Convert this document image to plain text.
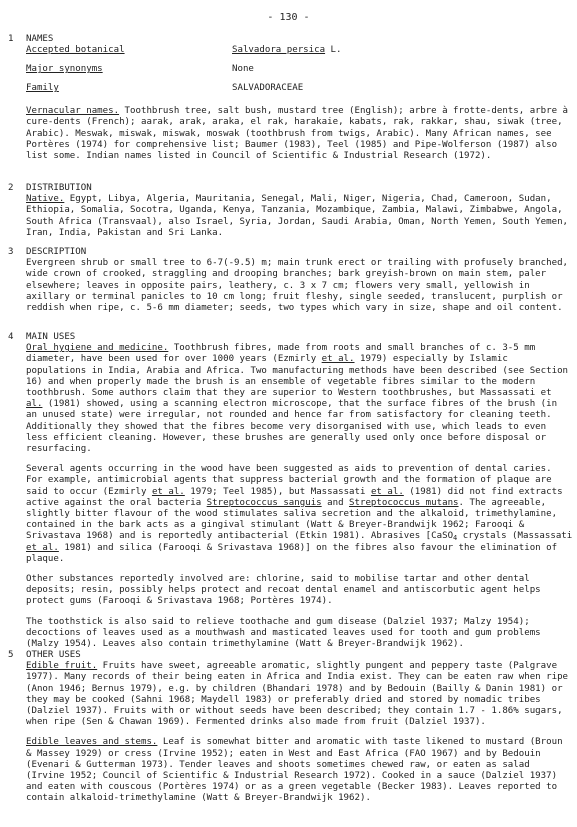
- 130 -
1	NAMES

Accepted botanical	Salvadora persica L.
Major synonyms	None
Family	SALVADORACEAE

Vernacular names. Toothbrush tree, salt bush, mustard tree (English); arbre à frotte-dents, arbre à cure-dents (French); aarak, arak, araka, el rak, harakaie, kabats, rak, rakkar, shau, siwak (tree, Arabic). Meswak, miswak, miswak, moswak (toothbrush from twigs, Arabic). Many African names, see Portères (1974) for comprehensive list; Baumer (1983), Teel (1985) and Pipe-Wolferson (1987) also list some. Indian names listed in Council of Scientific & Industrial Research (1972).

2	DISTRIBUTION

Native. Egypt, Libya, Algeria, Mauritania, Senegal, Mali, Niger, Nigeria, Chad, Cameroon, Sudan, Ethiopia, Somalia, Socotra, Uganda, Kenya, Tanzania, Mozambique, Zambia, Malawi, Zimbabwe, Angola, South Africa (Transvaal), also Israel, Syria, Jordan, Saudi Arabia, Oman, North Yemen, South Yemen, Iran, India, Pakistan and Sri Lanka.

3	DESCRIPTION

Evergreen shrub or small tree to 6-7(-9.5) m; main trunk erect or trailing with profusely branched, wide crown of crooked, straggling and drooping branches; bark greyish-brown on main stem, paler elsewhere; leaves in opposite pairs, leathery, c. 3 x 7 cm; flowers very small, yellowish in axillary or terminal panicles to 10 cm long; fruit fleshy, single seeded, translucent, purplish or reddish when ripe, c. 5-6 mm diameter; seeds, two types which vary in size, shape and oil content.

4	MAIN USES

Oral hygiene and medicine. Toothbrush fibres, made from roots and small branches of c. 3-5 mm diameter, have been used for over 1000 years (Ezmirly et al. 1979) especially by Islamic populations in India, Arabia and Africa. Two manufacturing methods have been described (see Section 16) and when properly made the brush is an ensemble of vegetable fibres similar to the modern toothbrush. Some authors claim that they are superior to Western toothbrushes, but Massassati et al. (1981) showed, using a scanning electron microscope, that the surface fibres of the brush (in an unused state) were irregular, not rounded and hence far from satisfactory for cleaning teeth. Additionally they showed that the fibres become very disorganised with use, which leads to even less efficient cleaning. However, these brushes are generally used only once before disposal or resurfacing.

Several agents occurring in the wood have been suggested as aids to prevention of dental caries. For example, antimicrobial agents that suppress bacterial growth and the formation of plaque are said to occur (Ezmirly et al. 1979; Teel 1985), but Massassati et al. (1981) did not find extracts active against the oral bacteria Streptococcus sanguis and Streptococcus mutans. The agreeable, slightly bitter flavour of the wood stimulates saliva secretion and the alkaloid, trimethylamine, contained in the bark acts as a gingival stimulant (Watt & Breyer-Brandwijk 1962; Farooqi & Srivastava 1968) and is reportedly antibacterial (Etkin 1981). Abrasives [CaSO$_4$ crystals (Massassati et al. 1981) and silica (Farooqi & Srivastava 1968)] on the fibres also favour the elimination of plaque.

Other substances reportedly involved are: chlorine, said to mobilise tartar and other dental deposits; resin, possibly helps protect and recoat dental enamel and antiscorbutic agent helps protect gums (Farooqi & Srivastava 1968; Portères 1974).

The toothstick is also said to relieve toothache and gum disease (Dalziel 1937; Malzy 1954); decoctions of leaves used as a mouthwash and masticated leaves used for tooth and gum problems (Malzy 1954). Leaves also contain trimethylamine (Watt & Breyer-Brandwijk 1962).

5	OTHER USES

Edible fruit. Fruits have sweet, agreeable aromatic, slightly pungent and peppery taste (Palgrave 1977). Many records of their being eaten in Africa and India exist. They can be eaten raw when ripe (Anon 1946; Bernus 1979), e.g. by children (Bhandari 1978) and by Bedouin (Bailly & Danin 1981) or they may be cooked (Sahni 1968; Maydell 1983) or preferably dried and stored by nomadic tribes (Dalziel 1937). Fruits with or without seeds have been described; they contain 1.7 - 1.86% sugars, when ripe (Sen & Chawan 1969). Fermented drinks also made from fruit (Dalziel 1937).

Edible leaves and stems. Leaf is somewhat bitter and aromatic with taste likened to mustard (Broun & Massey 1929) or cress (Irvine 1952); eaten in West and East Africa (FAO 1967) and by Bedouin (Evenari & Gutterman 1973). Tender leaves and shoots sometimes chewed raw, or eaten as salad (Irvine 1952; Council of Scientific & Industrial Research 1972). Cooked in a sauce (Dalziel 1937) and eaten with couscous (Portères 1974) or as a green vegetable (Becker 1983). Leaves reported to contain alkaloid-trimethylamine (Watt & Breyer-Brandwijk 1962).
